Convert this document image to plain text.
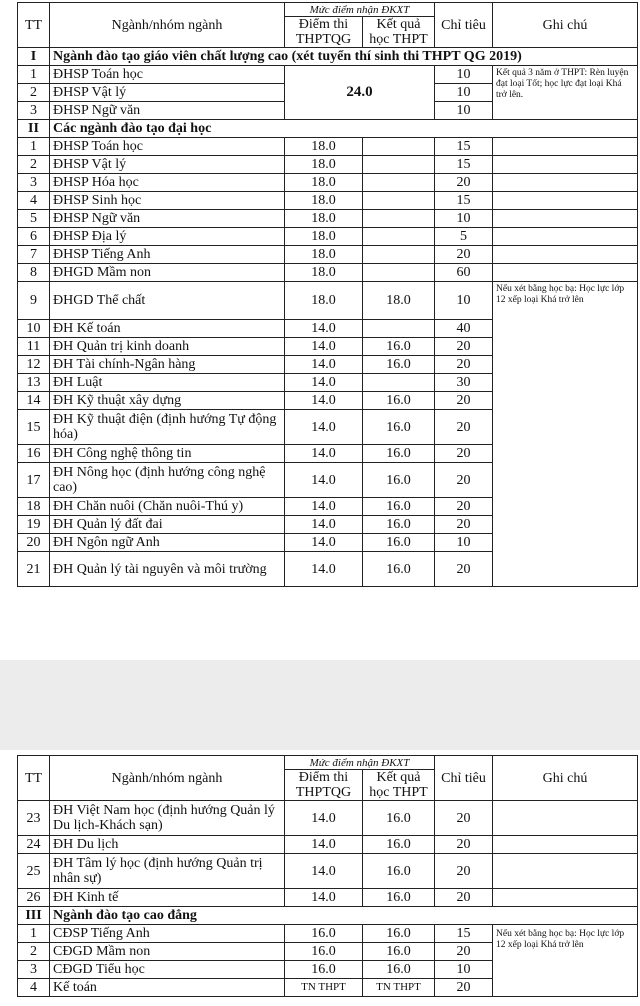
TT	Ngành/nhóm ngành	Mức điểm nhận ĐKXT		Chỉ tiêu	Ghi chú
		Điểm thi THPTQG	Kết quả học THPT		
I	Ngành đào tạo giáo viên chất lượng cao (xét tuyển thí sinh thi THPT QG 2019)				
1	ĐHSP Toán học	24.0		10	Kết quả 3 năm ở THPT: Rèn luyện đạt loại Tốt; học lực đạt loại Khá trở lên.
2	ĐHSP Vật lý			10	
3	ĐHSP Ngữ văn			10	
II	Các ngành đào tạo đại học				
1	ĐHSP Toán học	18.0		15	
2	ĐHSP Vật lý	18.0		15	
3	ĐHSP Hóa học	18.0		20	
4	ĐHSP Sinh học	18.0		15	
5	ĐHSP Ngữ văn	18.0		10	
6	ĐHSP Địa lý	18.0		5	
7	ĐHSP Tiếng Anh	18.0		20	
8	ĐHGD Mầm non	18.0		60	
9	ĐHGD Thể chất	18.0	18.0	10	Nếu xét bằng học bạ: Học lực lớp 12 xếp loại Khá trở lên
10	ĐH Kế toán	14.0		40	
11	ĐH Quản trị kinh doanh	14.0	16.0	20	
12	ĐH Tài chính-Ngân hàng	14.0	16.0	20	
13	ĐH Luật	14.0		30	
14	ĐH Kỹ thuật xây dựng	14.0	16.0	20	
15	ĐH Kỹ thuật điện (định hướng Tự động hóa)	14.0	16.0	20	
16	ĐH Công nghệ thông tin	14.0	16.0	20	
17	ĐH Nông học (định hướng công nghệ cao)	14.0	16.0	20	
18	ĐH Chăn nuôi (Chăn nuôi-Thú y)	14.0	16.0	20	
19	ĐH Quản lý đất đai	14.0	16.0	20	
20	ĐH Ngôn ngữ Anh	14.0	16.0	10	
21	ĐH Quản lý tài nguyên và môi trường	14.0	16.0	20	
TT	Ngành/nhóm ngành	Mức điểm nhận ĐKXT		Chỉ tiêu	Ghi chú
		Điểm thi THPTQG	Kết quả học THPT		
23	ĐH Việt Nam học (định hướng Quản lý Du lịch-Khách sạn)	14.0	16.0	20	
24	ĐH Du lịch	14.0	16.0	20	
25	ĐH Tâm lý học (định hướng Quản trị nhân sự)	14.0	16.0	20	
26	ĐH Kinh tế	14.0	16.0	20	
III	Ngành đào tạo cao đẳng				
1	CĐSP Tiếng Anh	16.0	16.0	15	Nếu xét bằng học bạ: Học lực lớp 12 xếp loại Khá trở lên
2	CĐGD Mầm non	16.0	16.0	20	
3	CĐGD Tiểu học	16.0	16.0	10	
4	Kế toán	TN THPT	TN THPT	20	
